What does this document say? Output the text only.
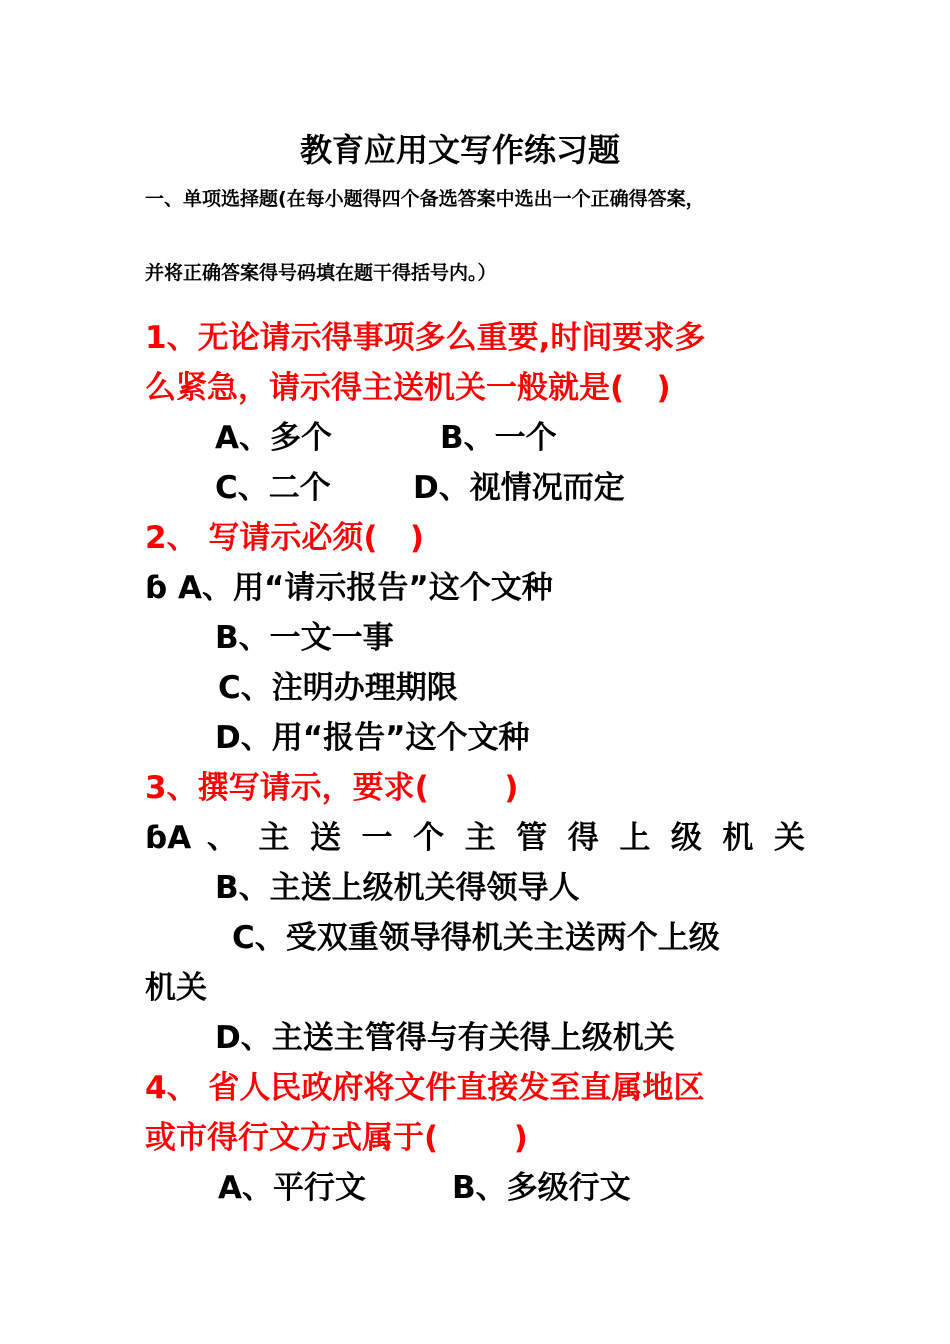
教育应用文写作练习题
一、单项选择题(在每小题得四个备选答案中选出一个正确得答案，
并将正确答案得号码填在题干得括号内。）
1、无论请示得事项多么重要,时间要求多
么紧急，请示得主送机关一般就是(   )
A、多个	B、一个
C、二个	D、视情况而定
2、 写请示必须(   )
ɓ A、用“请示报告”这个文种
B、一文一事
C、注明办理期限
D、用“报告”这个文种
3、撰写请示，要求(       )
ɓA 、 主 送 一 个 主 管 得 上 级 机 关
B、主送上级机关得领导人
C、受双重领导得机关主送两个上级
机关
D、主送主管得与有关得上级机关
4、 省人民政府将文件直接发至直属地区
或市得行文方式属于(       )
A、平行文	B、多级行文
